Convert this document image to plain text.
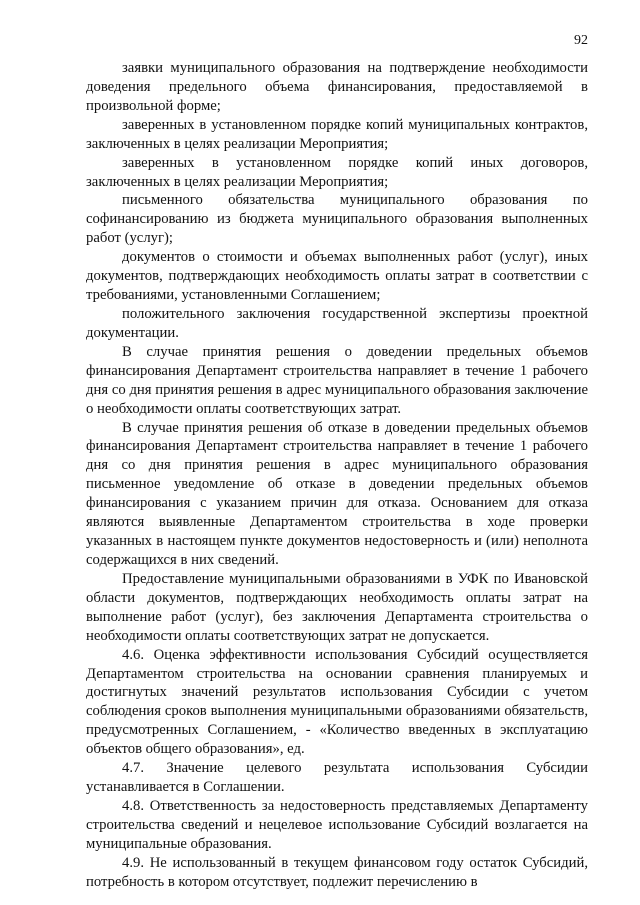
92

заявки муниципального образования на подтверждение необходимости доведения предельного объема финансирования, предоставляемой в произвольной форме;

заверенных в установленном порядке копий муниципальных контрактов, заключенных в целях реализации Мероприятия;

заверенных в установленном порядке копий иных договоров, заключенных в целях реализации Мероприятия;

письменного обязательства муниципального образования по софинансированию из бюджета муниципального образования выполненных работ (услуг);

документов о стоимости и объемах выполненных работ (услуг), иных документов, подтверждающих необходимость оплаты затрат в соответствии с требованиями, установленными Соглашением;

положительного заключения государственной экспертизы проектной документации.

В случае принятия решения о доведении предельных объемов финансирования Департамент строительства направляет в течение 1 рабочего дня со дня принятия решения в адрес муниципального образования заключение о необходимости оплаты соответствующих затрат.

В случае принятия решения об отказе в доведении предельных объемов финансирования Департамент строительства направляет в течение 1 рабочего дня со дня принятия решения в адрес муниципального образования письменное уведомление об отказе в доведении предельных объемов финансирования с указанием причин для отказа. Основанием для отказа являются выявленные Департаментом строительства в ходе проверки указанных в настоящем пункте документов недостоверность и (или) неполнота содержащихся в них сведений.

Предоставление муниципальными образованиями в УФК по Ивановской области документов, подтверждающих необходимость оплаты затрат на выполнение работ (услуг), без заключения Департамента строительства о необходимости оплаты соответствующих затрат не допускается.

4.6. Оценка эффективности использования Субсидий осуществляется Департаментом строительства на основании сравнения планируемых и достигнутых значений результатов использования Субсидии с учетом соблюдения сроков выполнения муниципальными образованиями обязательств, предусмотренных Соглашением, - «Количество введенных в эксплуатацию объектов общего образования», ед.

4.7. Значение целевого результата использования Субсидии устанавливается в Соглашении.

4.8. Ответственность за недостоверность представляемых Департаменту строительства сведений и нецелевое использование Субсидий возлагается на муниципальные образования.

4.9. Не использованный в текущем финансовом году остаток Субсидий, потребность в котором отсутствует, подлежит перечислению в
